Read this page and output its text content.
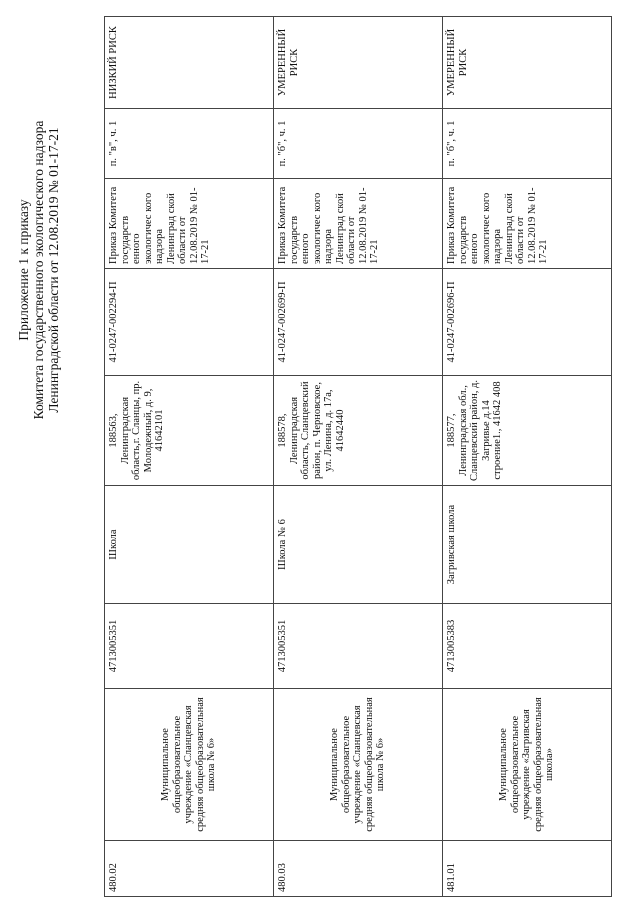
Приложение 1 к приказу Комитета государственного экологического надзора Ленинградской области от 12.08.2019 № 01-17-21
480.02	Муниципальное общеобразовательное учреждение «Сланцевская средняя общеобразовательная школа № 6»	4713005351	Школа	188563, Ленинградская область,г. Сланцы, пр. Молодежный, д. 9, 41642101	41-0247-002294-П	Приказ Комитета государств енного экологичес кого надзора Ленинград ской области от 12.08.2019 № 01-17-21	п. "в", ч. 1	НИЗКИЙ РИСК
480.03	Муниципальное общеобразовательное учреждение «Сланцевская средняя общеобразовательная школа № 6»	4713005351	Школа № 6	188578, Ленинградская область, Сланцевский район, п. Черновское, ул. Ленина, д. 17а, 41642440	41-0247-002699-П	Приказ Комитета государств енного экологичес кого надзора Ленинград ской области от 12.08.2019 № 01-17-21	п. "б", ч. 1	УМЕРЕННЫЙ РИСК
481.01	Муниципальное общеобразовательное учреждение «Загривская средняя общеобразовательная школа»	4713005383	Загривская школа	188577, Ленинградская обл., Сланцевский район, д. Загривье д.14 строение1., 41642 408	41-0247-002696-П	Приказ Комитета государств енного экологичес кого надзора Ленинград ской области от 12.08.2019 № 01-17-21	п. "б", ч. 1	УМЕРЕННЫЙ РИСК
